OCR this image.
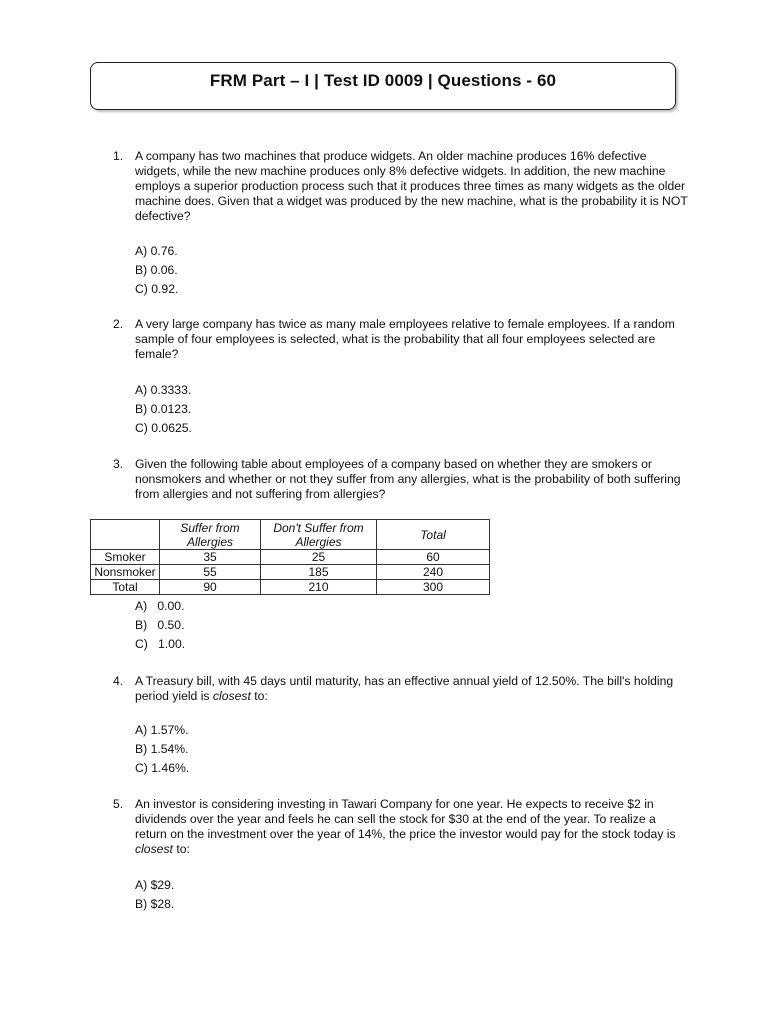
FRM Part – I | Test ID 0009 | Questions - 60
1. A company has two machines that produce widgets. An older machine produces 16% defective widgets, while the new machine produces only 8% defective widgets. In addition, the new machine employs a superior production process such that it produces three times as many widgets as the older machine does. Given that a widget was produced by the new machine, what is the probability it is NOT defective?
A) 0.76.
B) 0.06.
C) 0.92.
2. A very large company has twice as many male employees relative to female employees. If a random sample of four employees is selected, what is the probability that all four employees selected are female?
A) 0.3333.
B) 0.0123.
C) 0.0625.
3. Given the following table about employees of a company based on whether they are smokers or nonsmokers and whether or not they suffer from any allergies, what is the probability of both suffering from allergies and not suffering from allergies?
	Suffer from Allergies	Don't Suffer from Allergies	Total
Smoker	35	25	60
Nonsmoker	55	185	240
Total	90	210	300
A)   0.00.
B)   0.50.
C)   1.00.
4. A Treasury bill, with 45 days until maturity, has an effective annual yield of 12.50%. The bill's holding period yield is closest to:
A) 1.57%.
B) 1.54%.
C) 1.46%.
5. An investor is considering investing in Tawari Company for one year. He expects to receive $2 in dividends over the year and feels he can sell the stock for $30 at the end of the year. To realize a return on the investment over the year of 14%, the price the investor would pay for the stock today is closest to:
A) $29.
B) $28.
